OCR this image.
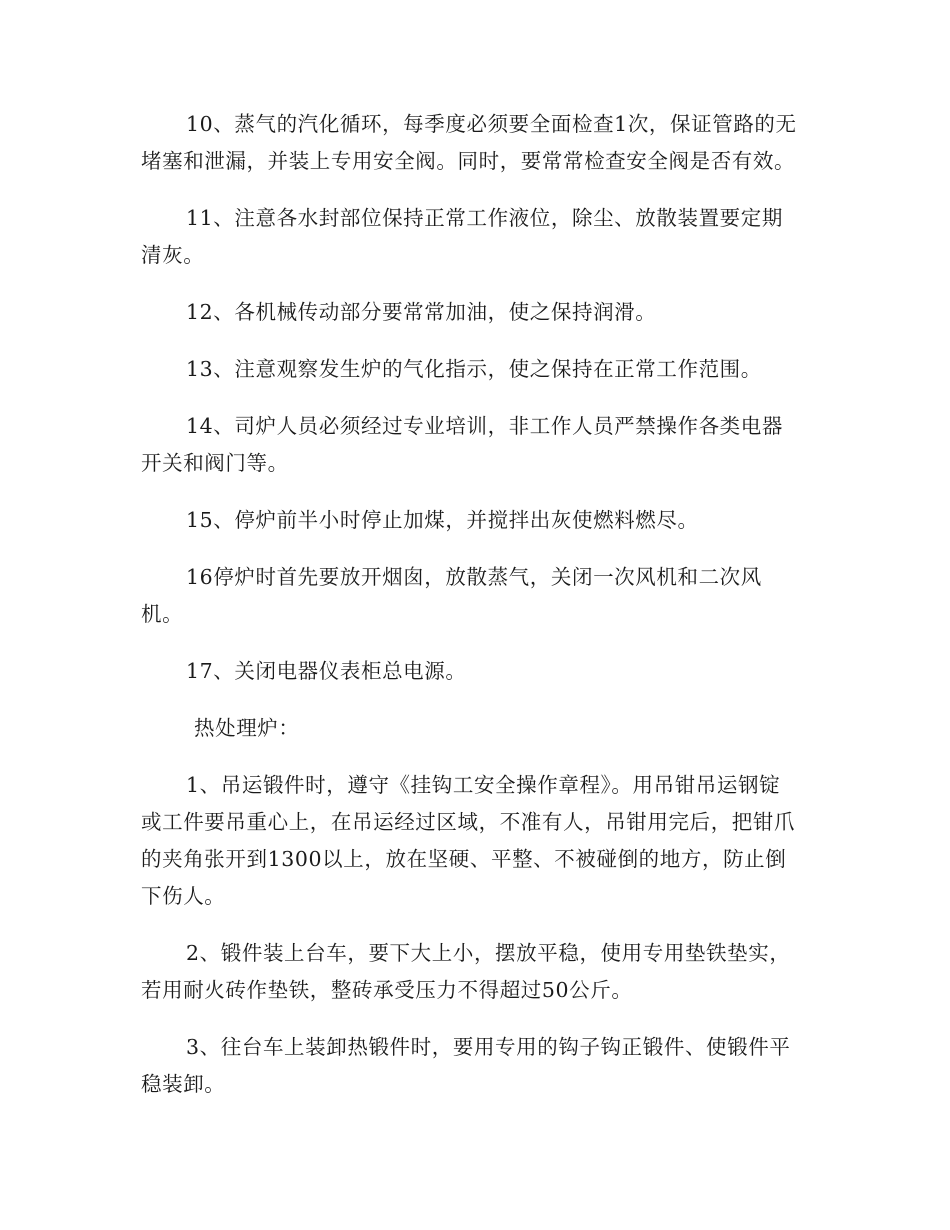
10、蒸气的汽化循环，每季度必须要全面检查1次，保证管路的无堵塞和泄漏，并装上专用安全阀。同时，要常常检查安全阀是否有效。

11、注意各水封部位保持正常工作液位，除尘、放散装置要定期清灰。

12、各机械传动部分要常常加油，使之保持润滑。

13、注意观察发生炉的气化指示，使之保持在正常工作范围。

14、司炉人员必须经过专业培训，非工作人员严禁操作各类电器开关和阀门等。

15、停炉前半小时停止加煤，并搅拌出灰使燃料燃尽。

16停炉时首先要放开烟囱，放散蒸气，关闭一次风机和二次风机。

17、关闭电器仪表柜总电源。

热处理炉：

1、吊运锻件时，遵守《挂钩工安全操作章程》。用吊钳吊运钢锭或工件要吊重心上，在吊运经过区域，不准有人，吊钳用完后，把钳爪的夹角张开到1300以上，放在坚硬、平整、不被碰倒的地方，防止倒下伤人。

2、锻件装上台车，要下大上小，摆放平稳，使用专用垫铁垫实，若用耐火砖作垫铁，整砖承受压力不得超过50公斤。

3、往台车上装卸热锻件时，要用专用的钩子钩正锻件、使锻件平稳装卸。
